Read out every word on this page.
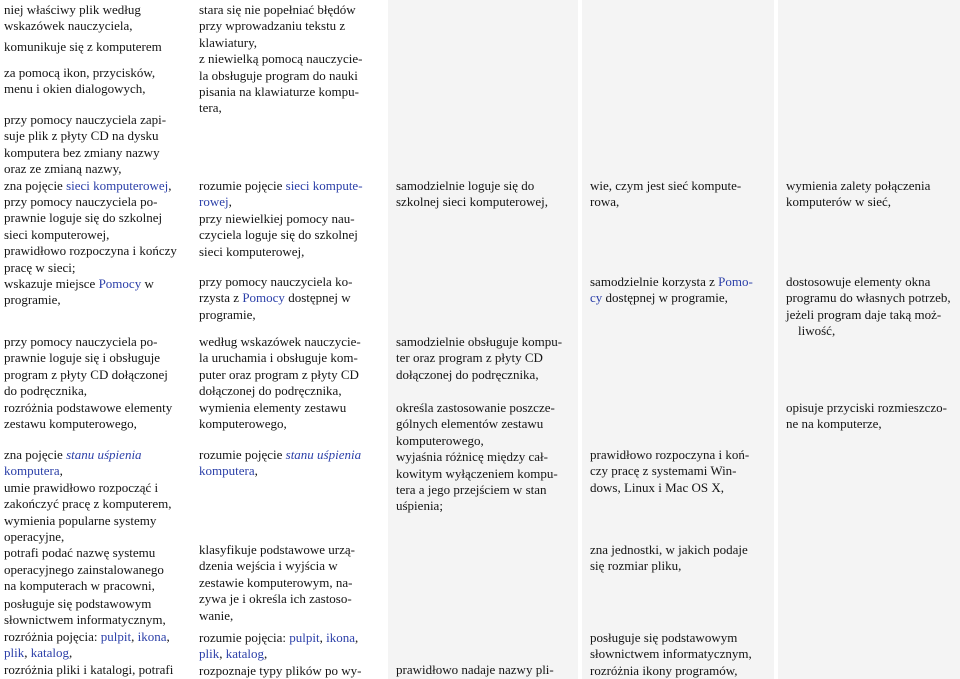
niej właściwy plik według
wskazówek nauczyciela,
komunikuje się z komputerem
za pomocą ikon, przycisków,
menu i okien dialogowych,
przy pomocy nauczyciela zapi-
suje plik z płyty CD na dysku
komputera bez zmiany nazwy
oraz ze zmianą nazwy,
zna pojęcie sieci komputerowej,
przy pomocy nauczyciela po-
prawnie loguje się do szkolnej
sieci komputerowej,
prawidłowo rozpoczyna i kończy
pracę w sieci;
wskazuje miejsce Pomocy w
programie,
przy pomocy nauczyciela po-
prawnie loguje się i obsługuje
program z płyty CD dołączonej
do podręcznika,
rozróżnia podstawowe elementy
zestawu komputerowego,
zna pojęcie stanu uśpienia
komputera,
umie prawidłowo rozpocząć i
zakończyć pracę z komputerem,
wymienia popularne systemy
operacyjne,
potrafi podać nazwę systemu
operacyjnego zainstalowanego
na komputerach w pracowni,
posługuje się podstawowym
słownictwem informatycznym,
rozróżnia pojęcia: pulpit, ikona,
plik, katalog,
rozróżnia pliki i katalogi, potrafi
stara się nie popełniać błędów
przy wprowadzaniu tekstu z
klawiatury,
z niewielką pomocą nauczycie-
la obsługuje program do nauki
pisania na klawiaturze kompu-
tera,
rozumie pojęcie sieci kompute-
rowej,
przy niewielkiej pomocy nau-
czyciela loguje się do szkolnej
sieci komputerowej,
przy pomocy nauczyciela ko-
rzysta z Pomocy dostępnej w
programie,
według wskazówek nauczycie-
la uruchamia i obsługuje kom-
puter oraz program z płyty CD
dołączonej do podręcznika,
wymienia elementy zestawu
komputerowego,
rozumie pojęcie stanu uśpienia
komputera,
klasyfikuje podstawowe urzą-
dzenia wejścia i wyjścia w
zestawie komputerowym, na-
zywa je i określa ich zastoso-
wanie,
rozumie pojęcia: pulpit, ikona,
plik, katalog,
rozpoznaje typy plików po wy-
samodzielnie loguje się do
szkolnej sieci komputerowej,
samodzielnie obsługuje kompu-
ter oraz program z płyty CD
dołączonej do podręcznika,
określa zastosowanie poszcze-
gólnych elementów zestawu
komputerowego,
wyjaśnia różnicę między cał-
kowitym wyłączeniem kompu-
tera a jego przejściem w stan
uśpienia;
prawidłowo nadaje nazwy pli-
wie, czym jest sieć kompute-
rowa,
samodzielnie korzysta z Pomo-
cy dostępnej w programie,
prawidłowo rozpoczyna i koń-
czy pracę z systemami Win-
dows, Linux i Mac OS X,
zna jednostki, w jakich podaje
się rozmiar pliku,
posługuje się podstawowym
słownictwem informatycznym,
rozróżnia ikony programów,
wymienia zalety połączenia
komputerów w sieć,
dostosowuje elementy okna
programu do własnych potrzeb,
jeżeli program daje taką moż-
liwość,
opisuje przyciski rozmieszczo-
ne na komputerze,
